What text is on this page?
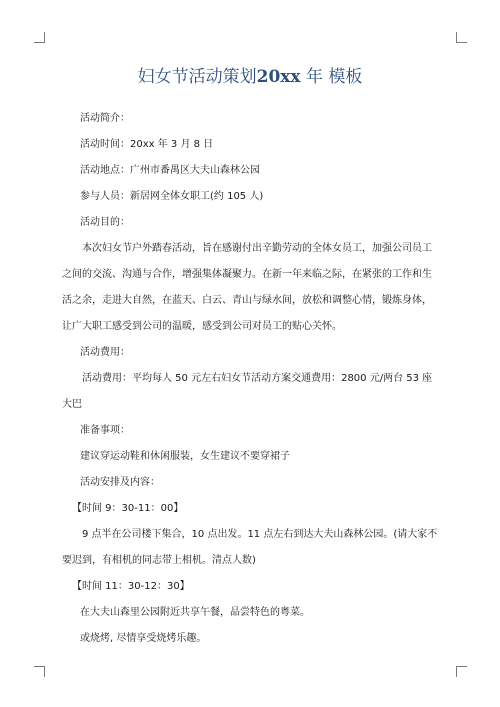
妇女节活动策划20xx 年 模板

活动简介：

活动时间：20xx 年 3 月 8 日

活动地点：广州市番禺区大夫山森林公园

参与人员：新居网全体女职工(约 105 人)

活动目的：

本次妇女节户外踏春活动，旨在感谢付出辛勤劳动的全体女员工，加强公司员工之间的交流、沟通与合作，增强集体凝聚力。在新一年来临之际，在紧张的工作和生活之余，走进大自然，在蓝天、白云、青山与绿水间，放松和调整心情，锻炼身体，让广大职工感受到公司的温暖，感受到公司对员工的贴心关怀。

活动费用：

活动费用：平均每人 50 元左右妇女节活动方案交通费用：2800 元/两台 53 座大巴

准备事项：

建议穿运动鞋和休闲服装，女生建议不要穿裙子

活动安排及内容：

【时间 9：30-11：00】

9 点半在公司楼下集合，10 点出发。11 点左右到达大夫山森林公园。(请大家不要迟到，有相机的同志带上相机。清点人数)

【时间 11：30-12：30】

在大夫山森里公园附近共享午餐，品尝特色的粤菜。

或烧烤, 尽情享受烧烤乐趣。
